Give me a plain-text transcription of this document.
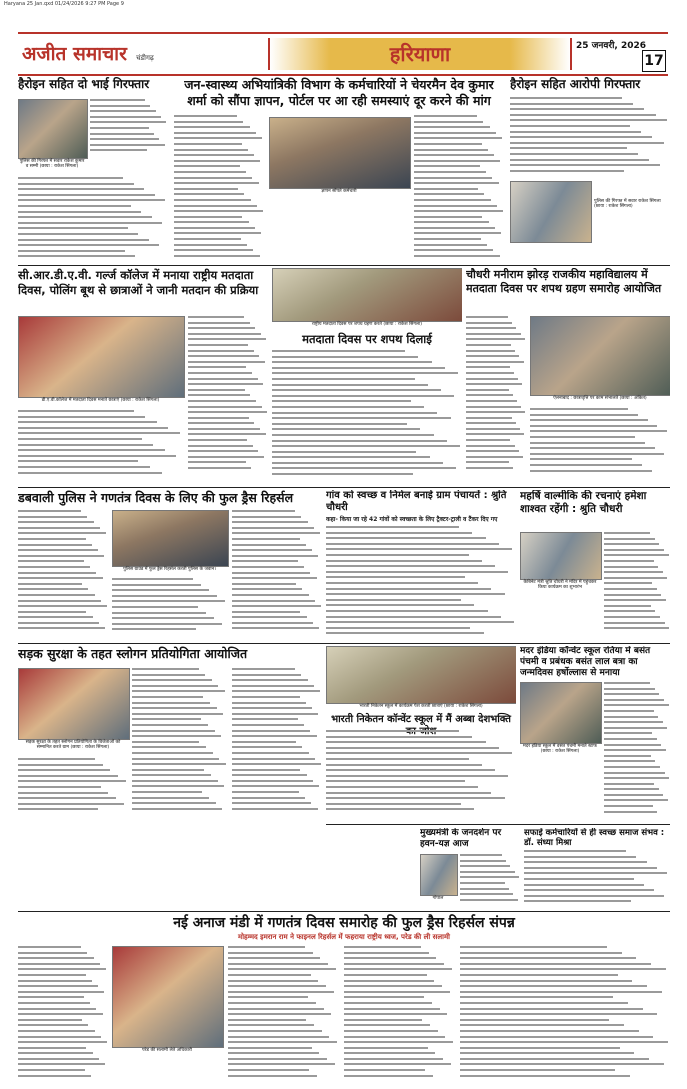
Haryana 25 Jan.qxd 01/24/2026 9:27 PM Page 9
अजीत समाचार चंडीगढ़	हरियाणा	25 जनवरी, 2026
17
हैरोइन सहित दो भाई गिरफ्तार
पुलिस की गिरफ्त में सवार राकेश कुमार व सम्मी (छाया : राकेश सिंगला)
जन-स्वास्थ्य अभियांत्रिकी विभाग के कर्मचारियों ने चेयरमैन देव कुमार शर्मा को सौंपा ज्ञापन, पोर्टल पर आ रही समस्याएं दूर करने की मांग
ज्ञापन सौंपते कर्मचारी
हैरोइन सहित आरोपी गिरफ्तार
पुलिस की गिरफ्त में सवार राकेश सिंगला (छाया : राकेश सिंगला)
सी.आर.डी.ए.वी. गर्ल्ज कॉलेज में मनाया राष्ट्रीय मतदाता दिवस, पोलिंग बूथ से छात्राओं ने जानी मतदान की प्रक्रिया
डी.ए.वी.कॉलेज में मतदाता दिवस मनाते छात्राएं (छाया : राकेश सिंगला)
राष्ट्रीय मतदाता दिवस पर शपथ ग्रहण करते (छाया : राकेश सिंगला)
मतदाता दिवस पर शपथ दिलाई
चौधरी मनीराम झोरड़ राजकीय महाविद्यालय में मतदाता दिवस पर शपथ ग्रहण समारोह आयोजित
ऐलनाबाद : छात्रावृत्ति पर काम संभालते (छाया : अंकित)
डबवाली पुलिस ने गणतंत्र दिवस के लिए की फुल ड्रैस रिहर्सल
पुलिस ग्राउंड में फुल ड्रैस रिहर्सल करती पुलिस के जवान।
गांव को स्वच्छ व निर्मल बनाई ग्राम पंचायतें : श्रुति चौधरी
कहा- किया जा रहे 42 गांवों को स्वच्छता के लिए ट्रैक्टर-ट्राली व टैंकर दिए गए
महर्षि वाल्मीकि की रचनाएं हमेशा शाश्वत रहेंगी : श्रुति चौधरी
कैबिनेट मंत्री श्रुति चौधरी ने मंदिर में पहुंचकर किया कार्यक्रम का शुभारंभ
सड़क सुरक्षा के तहत स्लोगन प्रतियोगिता आयोजित
सड़क सुरक्षा के तहत स्लोगन प्रतियोगिता के विजेताओं को सम्मानित करते ग्राम (छाया : राकेश सिंगला)
भारती निकेतन स्कूल में कार्यक्रम पेश करती छात्राएं (छाया : राकेश सिंगला)
भारती निकेतन कॉन्वेंट स्कूल में मैं अब्बा देशभक्ति
मदर इंडिया कॉन्वेंट स्कूल रतिया में बसंत पंचमी व प्रबंधक बसंत लाल बत्रा का जन्मदिवस हर्षोल्लास से मनाया
मदर इंडिया स्कूल में वसंत पंचमी मनाते स्टाफ (छाया : राकेश सिंगला)
मुख्यमंत्री के जनदर्शन पर हवन-यज्ञ आज
गोपाल
सफाई कर्मचारियों से ही स्वच्छ समाज संभव : डॉ. संध्या मिश्रा
नई अनाज मंडी में गणतंत्र दिवस समारोह की फुल ड्रैस रिहर्सल संपन्न
मोहम्मद इमरान राम ने फाइनल रिहर्सल में फहराया राष्ट्रीय ध्वज, परेड की ली सलामी
परेड की सलामी लेते अधिकारी
